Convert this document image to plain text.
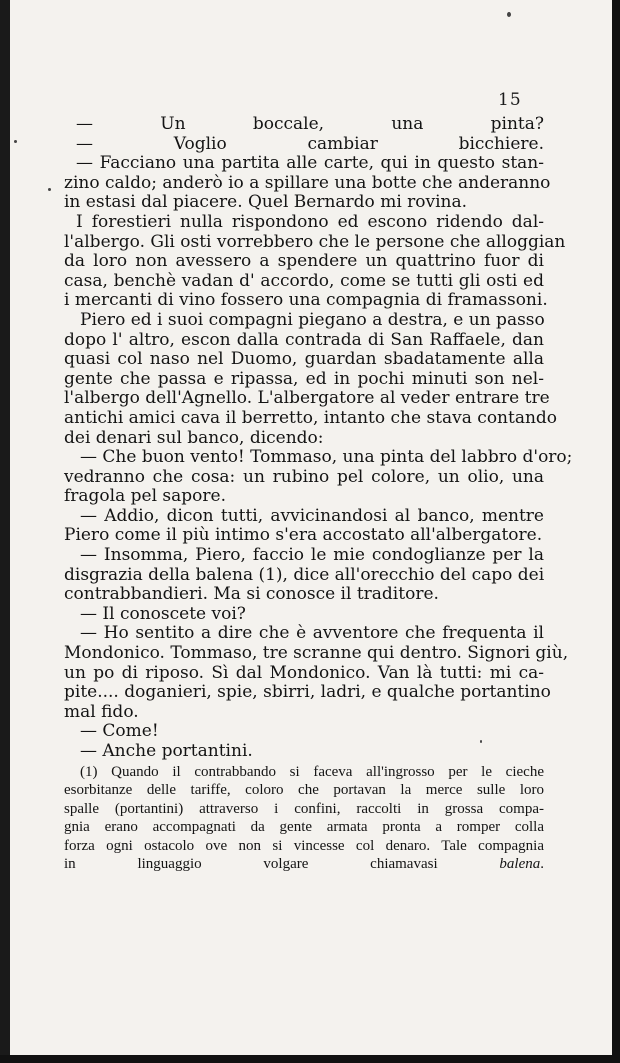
15
— Un boccale, una pinta?
— Voglio cambiar bicchiere.
— Facciano una partita alle carte, qui in questo stan-
zino caldo; anderò io a spillare una botte che anderanno
in estasi dal piacere. Quel Bernardo mi rovina.
I forestieri nulla rispondono ed escono ridendo dal-
l'albergo. Gli osti vorrebbero che le persone che alloggian
da loro non avessero a spendere un quattrino fuor di
casa, benchè vadan d' accordo, come se tutti gli osti ed
i mercanti di vino fossero una compagnia di framassoni.
Piero ed i suoi compagni piegano a destra, e un passo
dopo l' altro, escon dalla contrada di San Raffaele, dan
quasi col naso nel Duomo, guardan sbadatamente alla
gente che passa e ripassa, ed in pochi minuti son nel-
l'albergo dell'Agnello. L'albergatore al veder entrare tre
antichi amici cava il berretto, intanto che stava contando
dei denari sul banco, dicendo:
— Che buon vento! Tommaso, una pinta del labbro d'oro;
vedranno che cosa: un rubino pel colore, un olio, una
fragola pel sapore.
— Addio, dicon tutti, avvicinandosi al banco, mentre
Piero come il più intimo s'era accostato all'albergatore.
— Insomma, Piero, faccio le mie condoglianze per la
disgrazia della balena (1), dice all'orecchio del capo dei
contrabbandieri. Ma si conosce il traditore.
— Il conoscete voi?
— Ho sentito a dire che è avventore che frequenta il
Mondonico. Tommaso, tre scranne qui dentro. Signori giù,
un po di riposo. Sì dal Mondonico. Van là tutti: mi ca-
pite.... doganieri, spie, sbirri, ladri, e qualche portantino
mal fido.
— Come!
— Anche portantini.
(1) Quando il contrabbando si faceva all'ingrosso per le cieche
esorbitanze delle tariffe, coloro che portavan la merce sulle loro
spalle (portantini) attraverso i confini, raccolti in grossa compa-
gnia erano accompagnati da gente armata pronta a romper colla
forza ogni ostacolo ove non si vincesse col denaro. Tale compagnia
in linguaggio volgare chiamavasi balena.
